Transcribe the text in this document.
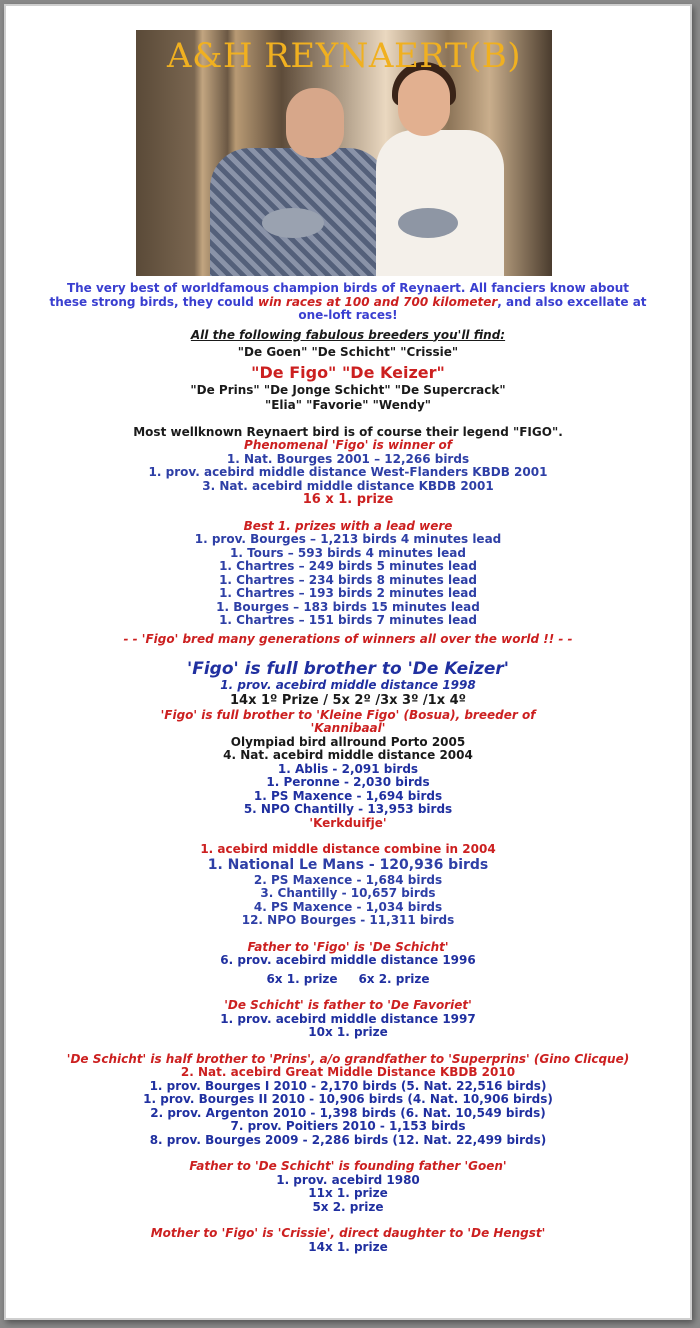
A&H REYNAERT(B)
The very best of worldfamous champion birds of Reynaert. All fanciers know about these strong birds, they could win races at 100 and 700 kilometer, and also excellate at one-loft races!
All the following fabulous breeders you'll find:
"De Goen" "De Schicht" "Crissie"
"De Figo" "De Keizer"
"De Prins" "De Jonge Schicht" "De Supercrack"
"Elia" "Favorie" "Wendy"
Most wellknown Reynaert bird is of course their legend "FIGO".
Phenomenal 'Figo' is winner of
1. Nat. Bourges 2001 – 12,266 birds
1. prov. acebird middle distance West-Flanders KBDB 2001
3. Nat. acebird middle distance KBDB 2001
16 x 1. prize
Best 1. prizes with a lead were
1. prov. Bourges – 1,213 birds 4 minutes lead
1. Tours – 593 birds 4 minutes lead
1. Chartres – 249 birds 5 minutes lead
1. Chartres – 234 birds 8 minutes lead
1. Chartres – 193 birds 2 minutes lead
1. Bourges – 183 birds 15 minutes lead
1. Chartres – 151 birds 7 minutes lead
- - 'Figo' bred many generations of winners all over the world !! - -
'Figo' is full brother to 'De Keizer'
1. prov. acebird middle distance 1998
14x 1º Prize / 5x 2º /3x 3º /1x 4º
'Figo' is full brother to 'Kleine Figo' (Bosua), breeder of
'Kannibaal'
Olympiad bird allround Porto 2005
4. Nat. acebird middle distance 2004
1. Ablis - 2,091 birds
1. Peronne - 2,030 birds
1. PS Maxence - 1,694 birds
5. NPO Chantilly - 13,953 birds
'Kerkduifje'
1. acebird middle distance combine in 2004
1. National Le Mans - 120,936 birds
2. PS Maxence - 1,684 birds
3. Chantilly - 10,657 birds
4. PS Maxence - 1,034 birds
12. NPO Bourges - 11,311 birds
Father to 'Figo' is 'De Schicht'
6. prov. acebird middle distance 1996
6x 1. prize     6x 2. prize
'De Schicht' is father to 'De Favoriet'
1. prov. acebird middle distance 1997
10x 1. prize
'De Schicht' is half brother to 'Prins', a/o grandfather to 'Superprins' (Gino Clicque)
2. Nat. acebird Great Middle Distance KBDB 2010
1. prov. Bourges I 2010 - 2,170 birds (5. Nat. 22,516 birds)
1. prov. Bourges II 2010 - 10,906 birds (4. Nat. 10,906 birds)
2. prov. Argenton 2010 - 1,398 birds (6. Nat. 10,549 birds)
7. prov. Poitiers 2010 - 1,153 birds
8. prov. Bourges 2009 - 2,286 birds (12. Nat. 22,499 birds)
Father to 'De Schicht' is founding father 'Goen'
1. prov. acebird 1980
11x 1. prize
5x 2. prize
Mother to 'Figo' is 'Crissie', direct daughter to 'De Hengst'
14x 1. prize
